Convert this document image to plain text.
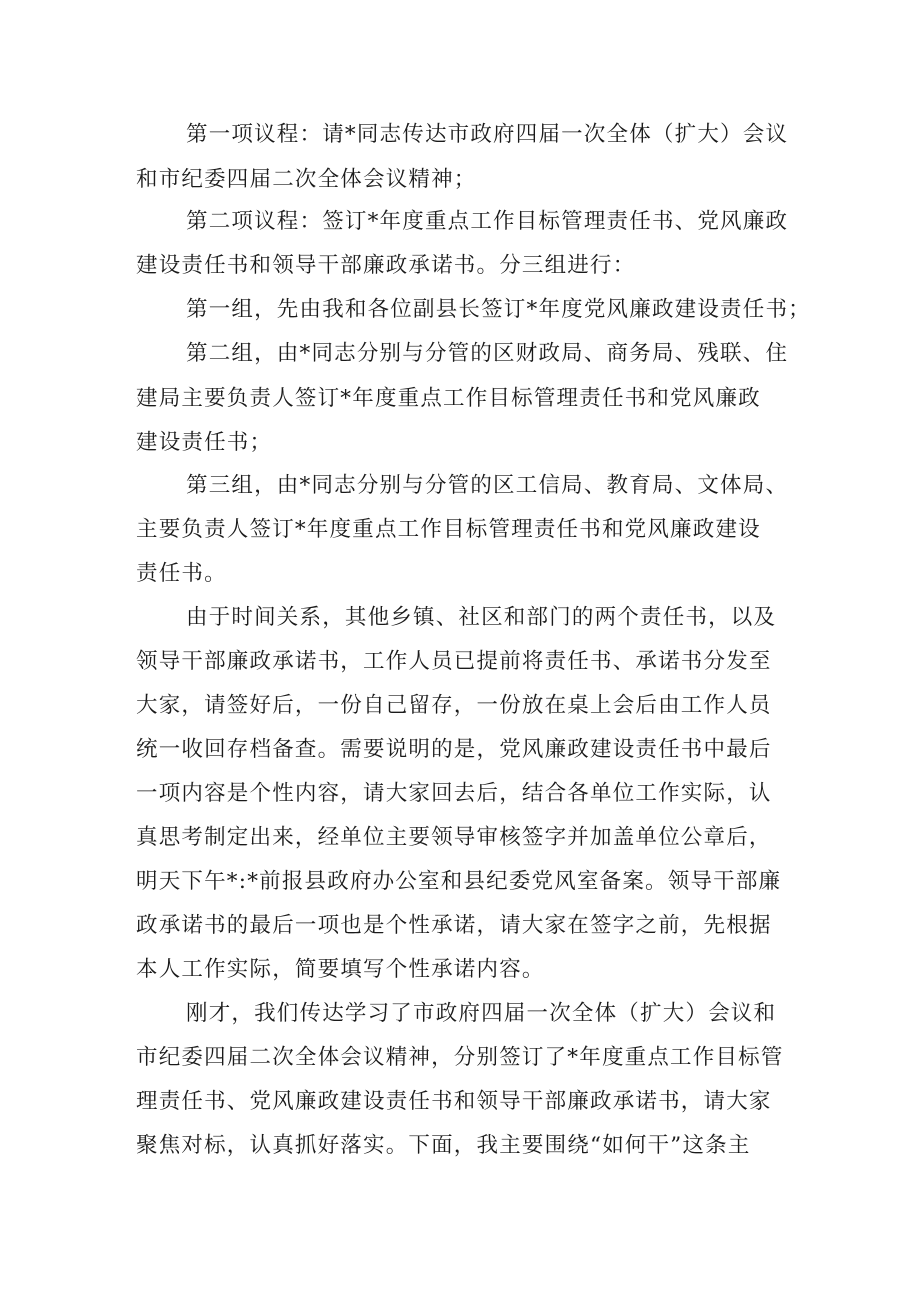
第一项议程：请*同志传达市政府四届一次全体（扩大）会议
和市纪委四届二次全体会议精神；
第二项议程：签订*年度重点工作目标管理责任书、党风廉政
建设责任书和领导干部廉政承诺书。分三组进行：
第一组，先由我和各位副县长签订*年度党风廉政建设责任书；
第二组，由*同志分别与分管的区财政局、商务局、残联、住
建局主要负责人签订*年度重点工作目标管理责任书和党风廉政
建设责任书；
第三组，由*同志分别与分管的区工信局、教育局、文体局、
主要负责人签订*年度重点工作目标管理责任书和党风廉政建设
责任书。
由于时间关系，其他乡镇、社区和部门的两个责任书，以及
领导干部廉政承诺书，工作人员已提前将责任书、承诺书分发至
大家，请签好后，一份自己留存，一份放在桌上会后由工作人员
统一收回存档备查。需要说明的是，党风廉政建设责任书中最后
一项内容是个性内容，请大家回去后，结合各单位工作实际，认
真思考制定出来，经单位主要领导审核签字并加盖单位公章后，
明天下午*:*前报县政府办公室和县纪委党风室备案。领导干部廉
政承诺书的最后一项也是个性承诺，请大家在签字之前，先根据
本人工作实际，简要填写个性承诺内容。
刚才，我们传达学习了市政府四届一次全体（扩大）会议和
市纪委四届二次全体会议精神，分别签订了*年度重点工作目标管
理责任书、党风廉政建设责任书和领导干部廉政承诺书，请大家
聚焦对标，认真抓好落实。下面，我主要围绕“如何干”这条主
